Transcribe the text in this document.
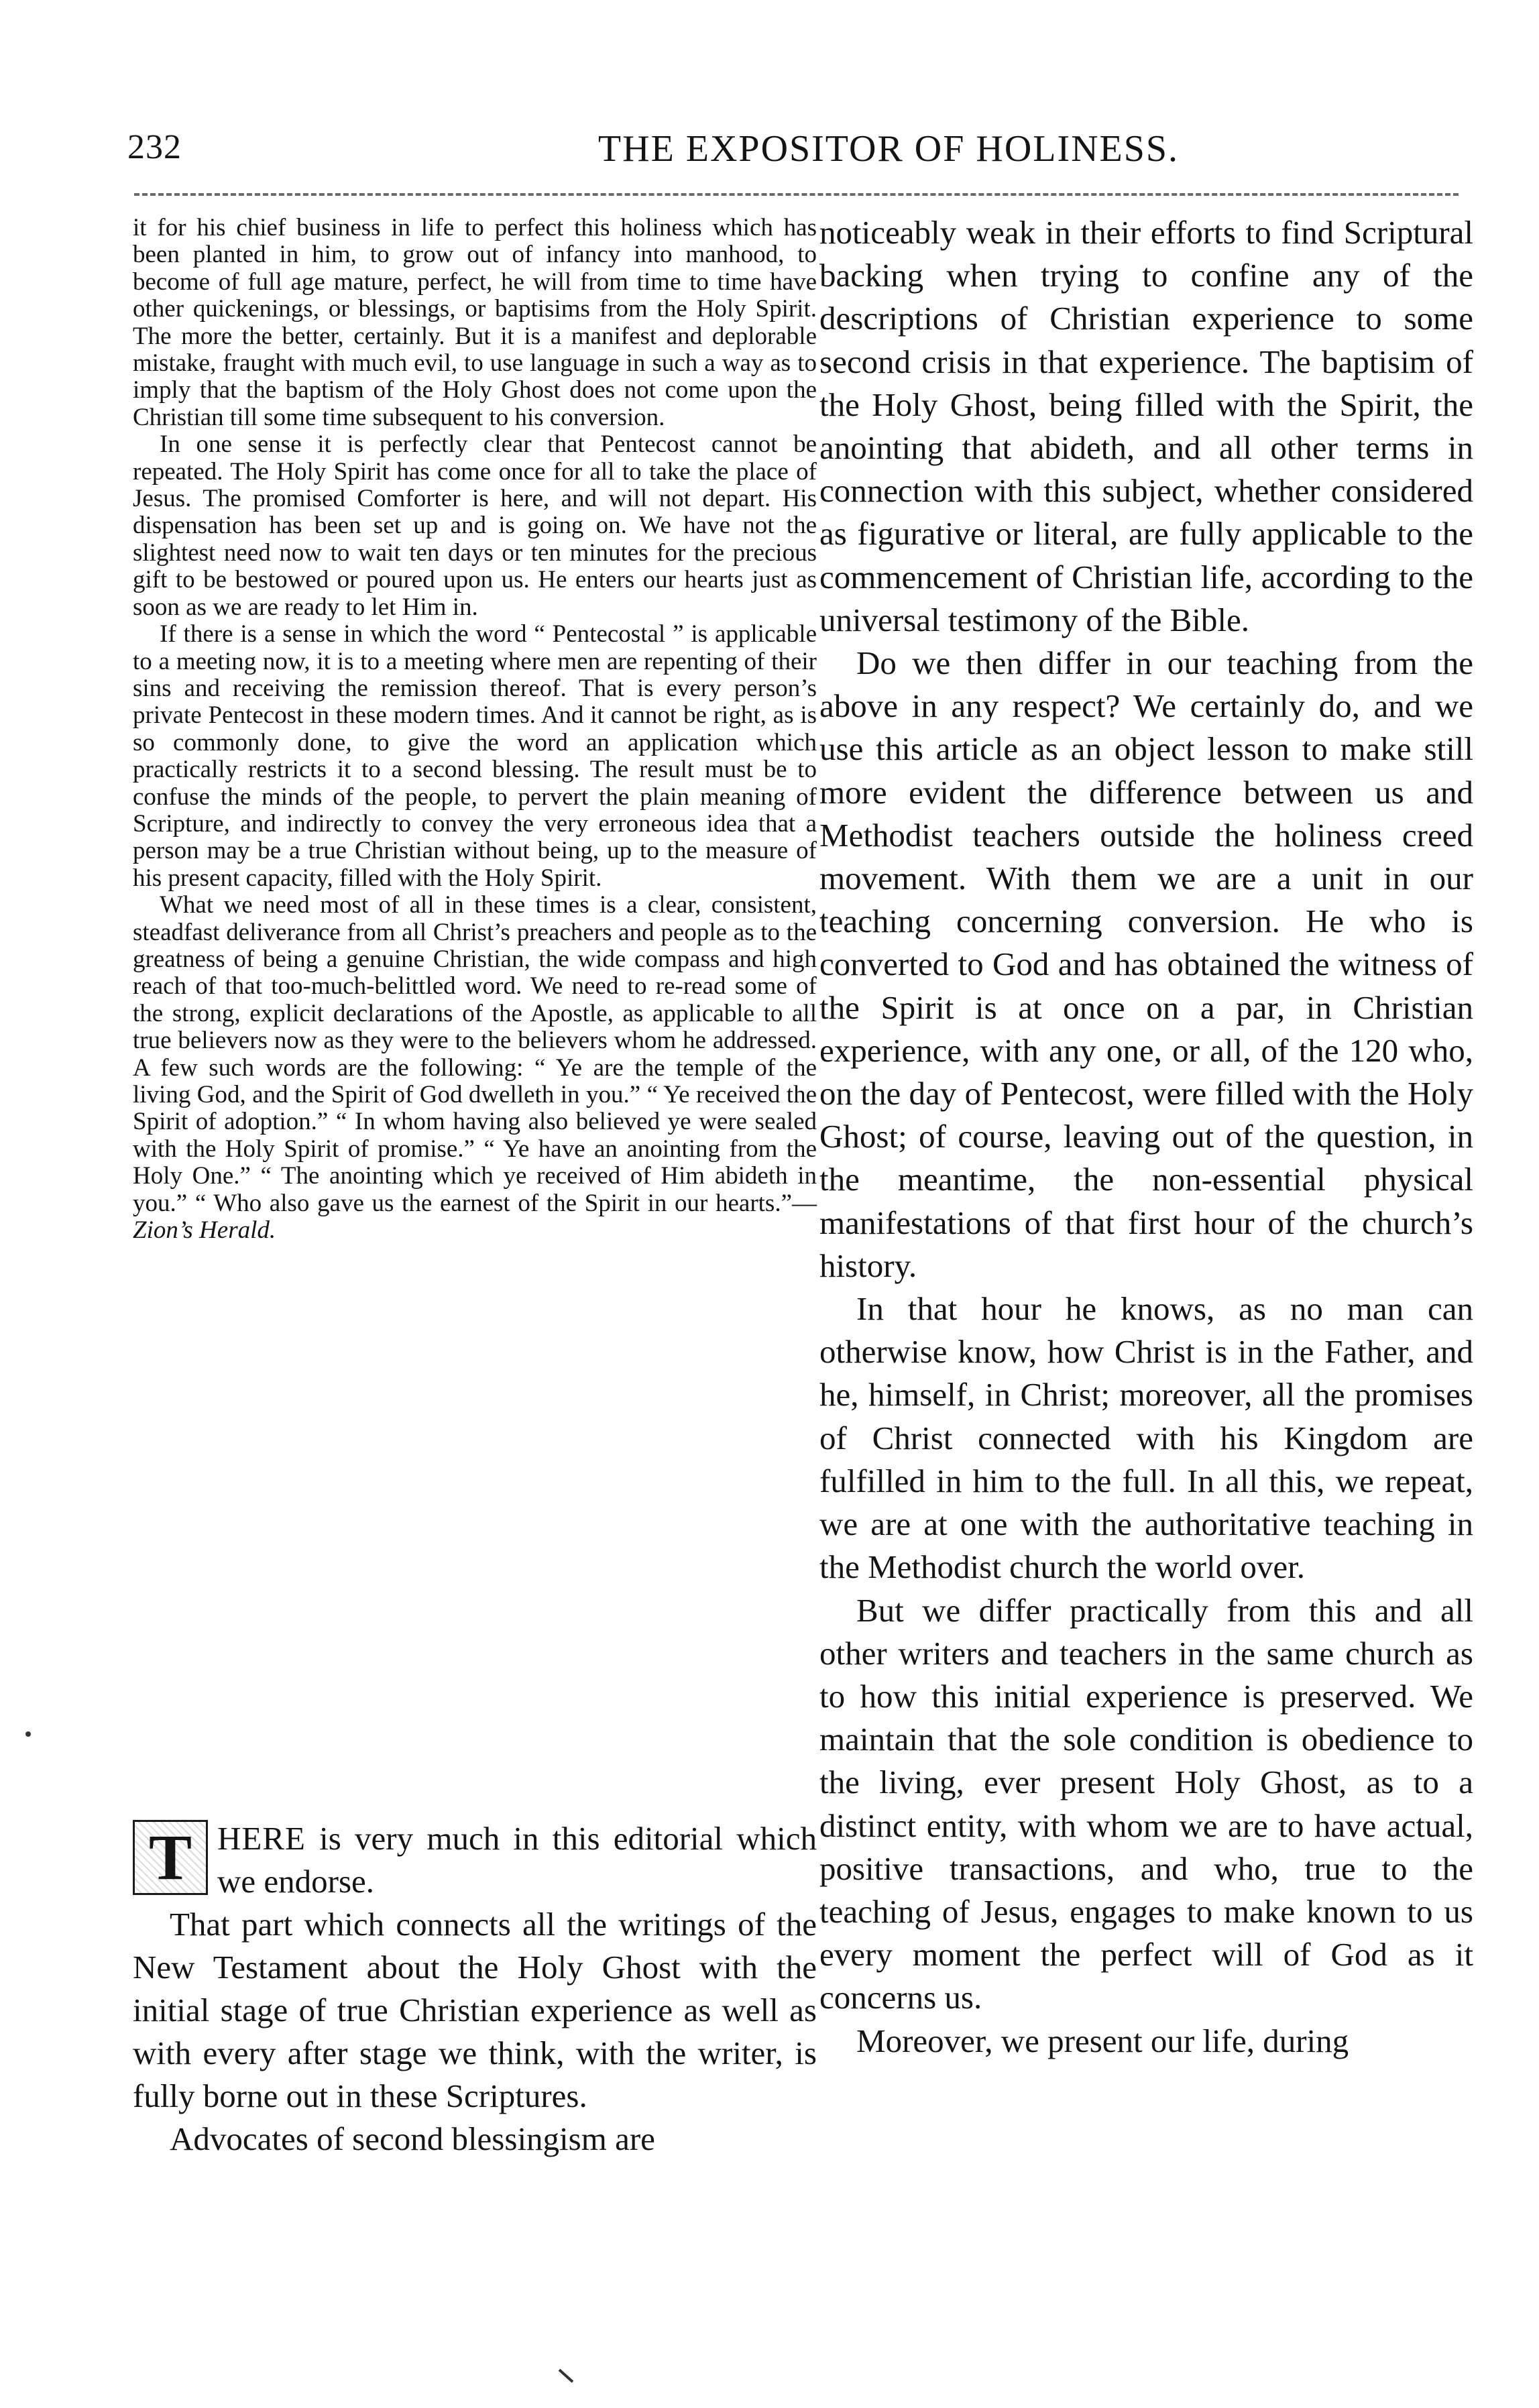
232	THE EXPOSITOR OF HOLINESS.

it for his chief business in life to perfect this holiness which has been planted in him, to grow out of infancy into manhood, to become of full age mature, perfect, he will from time to time have other quickenings, or blessings, or baptisims from the Holy Spirit. The more the better, certainly. But it is a manifest and deplorable mistake, fraught with much evil, to use language in such a way as to imply that the baptism of the Holy Ghost does not come upon the Christian till some time subsequent to his conversion.

In one sense it is perfectly clear that Pentecost cannot be repeated. The Holy Spirit has come once for all to take the place of Jesus. The promised Comforter is here, and will not depart. His dispensation has been set up and is going on. We have not the slightest need now to wait ten days or ten minutes for the precious gift to be bestowed or poured upon us. He enters our hearts just as soon as we are ready to let Him in.

If there is a sense in which the word “ Pentecostal ” is applicable to a meeting now, it is to a meeting where men are repenting of their sins and receiving the remission thereof. That is every person’s private Pentecost in these modern times. And it cannot be right, as is so commonly done, to give the word an application which practically restricts it to a second blessing. The result must be to confuse the minds of the people, to pervert the plain meaning of Scripture, and indirectly to convey the very erroneous idea that a person may be a true Christian without being, up to the measure of his present capacity, filled with the Holy Spirit.

What we need most of all in these times is a clear, consistent, steadfast deliverance from all Christ’s preachers and people as to the greatness of being a genuine Christian, the wide compass and high reach of that too-much-belittled word. We need to re-read some of the strong, explicit declarations of the Apostle, as applicable to all true believers now as they were to the believers whom he addressed. A few such words are the following: “ Ye are the temple of the living God, and the Spirit of God dwelleth in you.” “ Ye received the Spirit of adoption.” “ In whom having also believed ye were sealed with the Holy Spirit of promise.” “ Ye have an anointing from the Holy One.” “ The anointing which ye received of Him abideth in you.” “ Who also gave us the earnest of the Spirit in our hearts.”—Zion’s Herald.

T HERE is very much in this editorial which we endorse.

That part which connects all the writings of the New Testament about the Holy Ghost with the initial stage of true Christian experience as well as with every after stage we think, with the writer, is fully borne out in these Scriptures.

Advocates of second blessingism are

noticeably weak in their efforts to find Scriptural backing when trying to confine any of the descriptions of Christian experience to some second crisis in that experience. The baptisim of the Holy Ghost, being filled with the Spirit, the anointing that abideth, and all other terms in connection with this subject, whether considered as figurative or literal, are fully applicable to the commencement of Christian life, according to the universal testimony of the Bible.

Do we then differ in our teaching from the above in any respect? We certainly do, and we use this article as an object lesson to make still more evident the difference between us and Methodist teachers outside the holiness creed movement. With them we are a unit in our teaching concerning conversion. He who is converted to God and has obtained the witness of the Spirit is at once on a par, in Christian experience, with any one, or all, of the 120 who, on the day of Pentecost, were filled with the Holy Ghost; of course, leaving out of the question, in the meantime, the non-essential physical manifestations of that first hour of the church’s history.

In that hour he knows, as no man can otherwise know, how Christ is in the Father, and he, himself, in Christ; moreover, all the promises of Christ connected with his Kingdom are fulfilled in him to the full. In all this, we repeat, we are at one with the authoritative teaching in the Methodist church the world over.

But we differ practically from this and all other writers and teachers in the same church as to how this initial experience is preserved. We maintain that the sole condition is obedience to the living, ever present Holy Ghost, as to a distinct entity, with whom we are to have actual, positive transactions, and who, true to the teaching of Jesus, engages to make known to us every moment the perfect will of God as it concerns us.

Moreover, we present our life, during
